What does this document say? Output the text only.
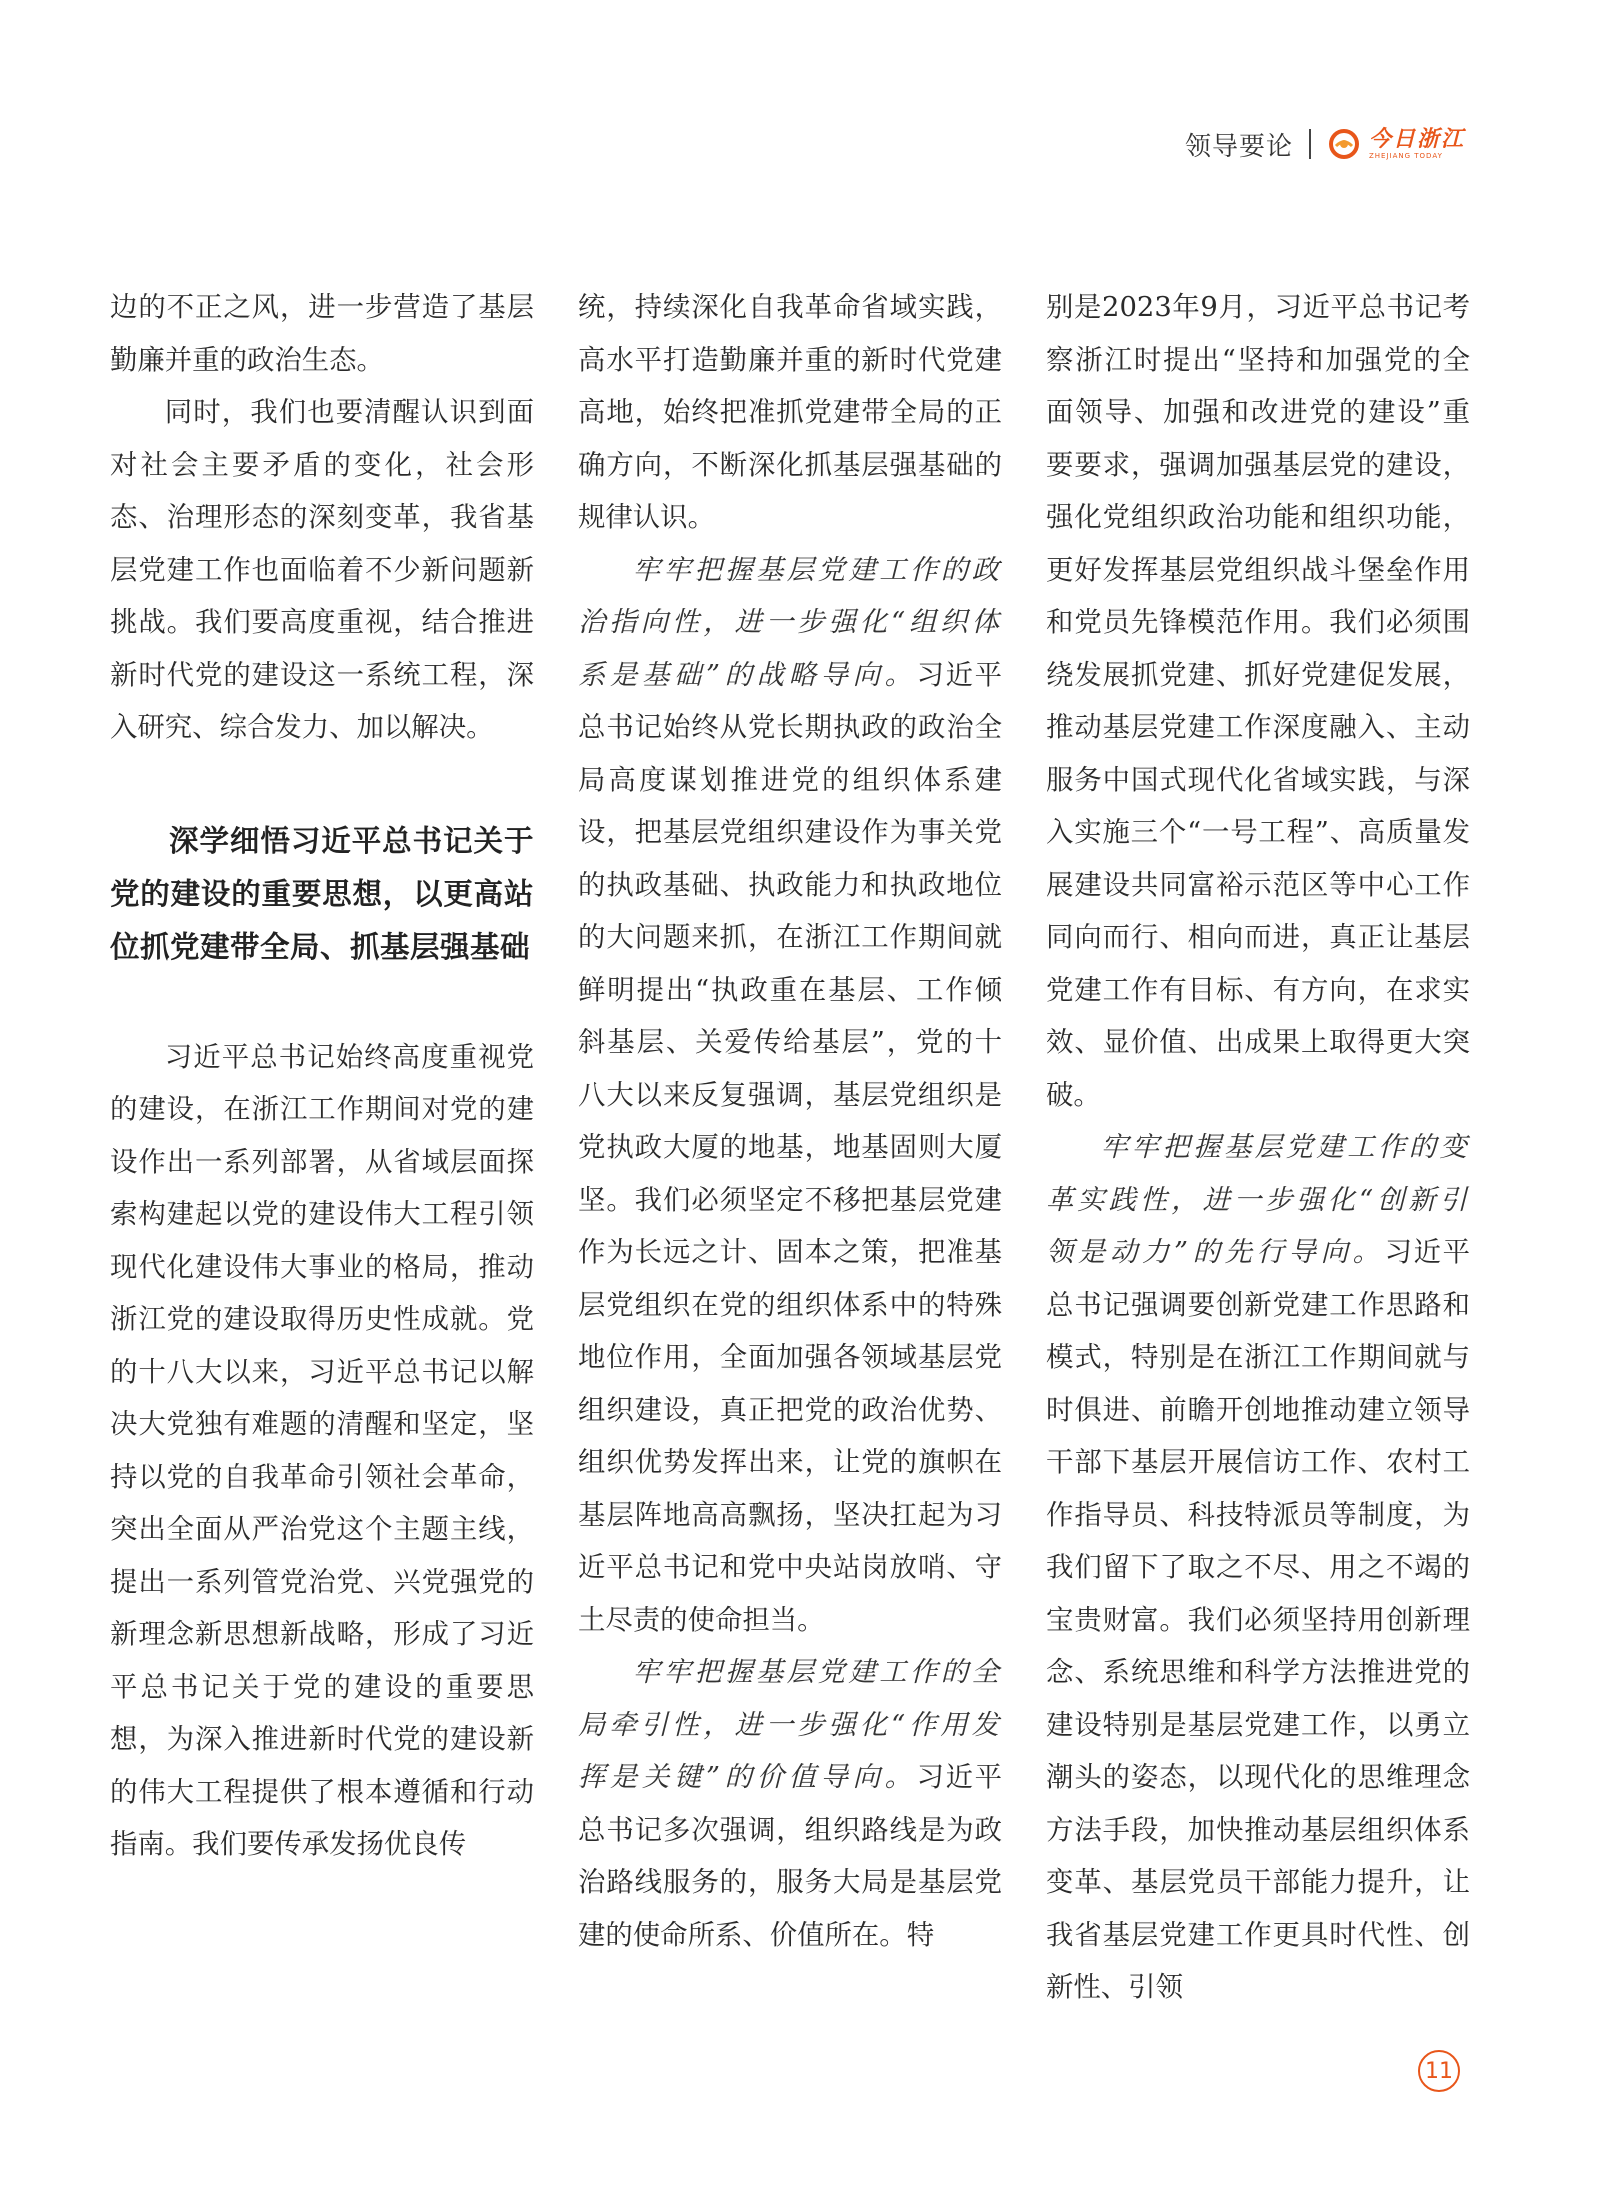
领导要论	今日浙江
ZHEJIANG TODAY

边的不正之风，进一步营造了基层勤廉并重的政治生态。

同时，我们也要清醒认识到面对社会主要矛盾的变化，社会形态、治理形态的深刻变革，我省基层党建工作也面临着不少新问题新挑战。我们要高度重视，结合推进新时代党的建设这一系统工程，深入研究、综合发力、加以解决。

深学细悟习近平总书记关于党的建设的重要思想，以更高站位抓党建带全局、抓基层强基础

习近平总书记始终高度重视党的建设，在浙江工作期间对党的建设作出一系列部署，从省域层面探索构建起以党的建设伟大工程引领现代化建设伟大事业的格局，推动浙江党的建设取得历史性成就。党的十八大以来，习近平总书记以解决大党独有难题的清醒和坚定，坚持以党的自我革命引领社会革命，突出全面从严治党这个主题主线，提出一系列管党治党、兴党强党的新理念新思想新战略，形成了习近平总书记关于党的建设的重要思想，为深入推进新时代党的建设新的伟大工程提供了根本遵循和行动指南。我们要传承发扬优良传

统，持续深化自我革命省域实践，高水平打造勤廉并重的新时代党建高地，始终把准抓党建带全局的正确方向，不断深化抓基层强基础的规律认识。

牢牢把握基层党建工作的政治指向性，进一步强化“组织体系是基础”的战略导向。习近平总书记始终从党长期执政的政治全局高度谋划推进党的组织体系建设，把基层党组织建设作为事关党的执政基础、执政能力和执政地位的大问题来抓，在浙江工作期间就鲜明提出“执政重在基层、工作倾斜基层、关爱传给基层”，党的十八大以来反复强调，基层党组织是党执政大厦的地基，地基固则大厦坚。我们必须坚定不移把基层党建作为长远之计、固本之策，把准基层党组织在党的组织体系中的特殊地位作用，全面加强各领域基层党组织建设，真正把党的政治优势、组织优势发挥出来，让党的旗帜在基层阵地高高飘扬，坚决扛起为习近平总书记和党中央站岗放哨、守土尽责的使命担当。

牢牢把握基层党建工作的全局牵引性，进一步强化“作用发挥是关键”的价值导向。习近平总书记多次强调，组织路线是为政治路线服务的，服务大局是基层党建的使命所系、价值所在。特

别是2023年9月，习近平总书记考察浙江时提出“坚持和加强党的全面领导、加强和改进党的建设”重要要求，强调加强基层党的建设，强化党组织政治功能和组织功能，更好发挥基层党组织战斗堡垒作用和党员先锋模范作用。我们必须围绕发展抓党建、抓好党建促发展，推动基层党建工作深度融入、主动服务中国式现代化省域实践，与深入实施三个“一号工程”、高质量发展建设共同富裕示范区等中心工作同向而行、相向而进，真正让基层党建工作有目标、有方向，在求实效、显价值、出成果上取得更大突破。

牢牢把握基层党建工作的变革实践性，进一步强化“创新引领是动力”的先行导向。习近平总书记强调要创新党建工作思路和模式，特别是在浙江工作期间就与时俱进、前瞻开创地推动建立领导干部下基层开展信访工作、农村工作指导员、科技特派员等制度，为我们留下了取之不尽、用之不竭的宝贵财富。我们必须坚持用创新理念、系统思维和科学方法推进党的建设特别是基层党建工作，以勇立潮头的姿态，以现代化的思维理念方法手段，加快推动基层组织体系变革、基层党员干部能力提升，让我省基层党建工作更具时代性、创新性、引领

11
